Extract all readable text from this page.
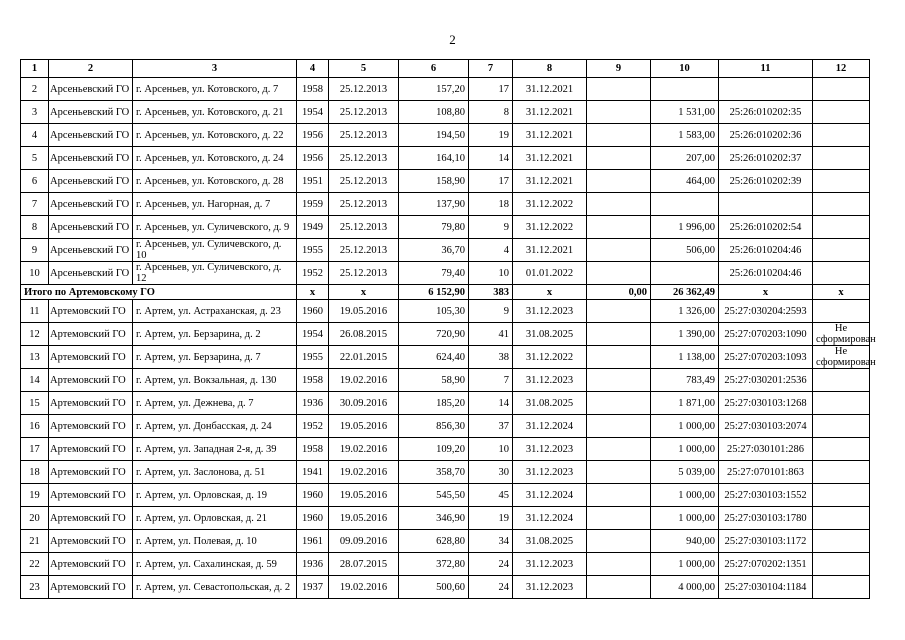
2
1	2	3	4	5	6	7	8	9	10	11	12
2	Арсеньевский ГО	г. Арсеньев, ул. Котовского, д. 7	1958	25.12.2013	157,20	17	31.12.2021				
3	Арсеньевский ГО	г. Арсеньев, ул. Котовского, д. 21	1954	25.12.2013	108,80	8	31.12.2021		1 531,00	25:26:010202:35	
4	Арсеньевский ГО	г. Арсеньев, ул. Котовского, д. 22	1956	25.12.2013	194,50	19	31.12.2021		1 583,00	25:26:010202:36	
5	Арсеньевский ГО	г. Арсеньев, ул. Котовского, д. 24	1956	25.12.2013	164,10	14	31.12.2021		207,00	25:26:010202:37	
6	Арсеньевский ГО	г. Арсеньев, ул. Котовского, д. 28	1951	25.12.2013	158,90	17	31.12.2021		464,00	25:26:010202:39	
7	Арсеньевский ГО	г. Арсеньев, ул. Нагорная, д. 7	1959	25.12.2013	137,90	18	31.12.2022				
8	Арсеньевский ГО	г. Арсеньев, ул. Суличевского, д. 9	1949	25.12.2013	79,80	9	31.12.2022		1 996,00	25:26:010202:54	
9	Арсеньевский ГО	г. Арсеньев, ул. Суличевского, д. 10	1955	25.12.2013	36,70	4	31.12.2021		506,00	25:26:010204:46	
10	Арсеньевский ГО	г. Арсеньев, ул. Суличевского, д. 12	1952	25.12.2013	79,40	10	01.01.2022			25:26:010204:46	
Итого по Артемовскому ГО			x	x	6 152,90	383	x	0,00	26 362,49	x	x
11	Артемовский ГО	г. Артем, ул. Астраханская, д. 23	1960	19.05.2016	105,30	9	31.12.2023		1 326,00	25:27:030204:2593	
12	Артемовский ГО	г. Артем, ул. Берзарина, д. 2	1954	26.08.2015	720,90	41	31.08.2025		1 390,00	25:27:070203:1090	Не сформирован
13	Артемовский ГО	г. Артем, ул. Берзарина, д. 7	1955	22.01.2015	624,40	38	31.12.2022		1 138,00	25:27:070203:1093	Не сформирован
14	Артемовский ГО	г. Артем, ул. Вокзальная, д. 130	1958	19.02.2016	58,90	7	31.12.2023		783,49	25:27:030201:2536	
15	Артемовский ГО	г. Артем, ул. Дежнева, д. 7	1936	30.09.2016	185,20	14	31.08.2025		1 871,00	25:27:030103:1268	
16	Артемовский ГО	г. Артем, ул. Донбасская, д. 24	1952	19.05.2016	856,30	37	31.12.2024		1 000,00	25:27:030103:2074	
17	Артемовский ГО	г. Артем, ул. Западная 2-я, д. 39	1958	19.02.2016	109,20	10	31.12.2023		1 000,00	25:27:030101:286	
18	Артемовский ГО	г. Артем, ул. Заслонова, д. 51	1941	19.02.2016	358,70	30	31.12.2023		5 039,00	25:27:070101:863	
19	Артемовский ГО	г. Артем, ул. Орловская, д. 19	1960	19.05.2016	545,50	45	31.12.2024		1 000,00	25:27:030103:1552	
20	Артемовский ГО	г. Артем, ул. Орловская, д. 21	1960	19.05.2016	346,90	19	31.12.2024		1 000,00	25:27:030103:1780	
21	Артемовский ГО	г. Артем, ул. Полевая, д. 10	1961	09.09.2016	628,80	34	31.08.2025		940,00	25:27:030103:1172	
22	Артемовский ГО	г. Артем, ул. Сахалинская, д. 59	1936	28.07.2015	372,80	24	31.12.2023		1 000,00	25:27:070202:1351	
23	Артемовский ГО	г. Артем, ул. Севастопольская, д. 2	1937	19.02.2016	500,60	24	31.12.2023		4 000,00	25:27:030104:1184	
